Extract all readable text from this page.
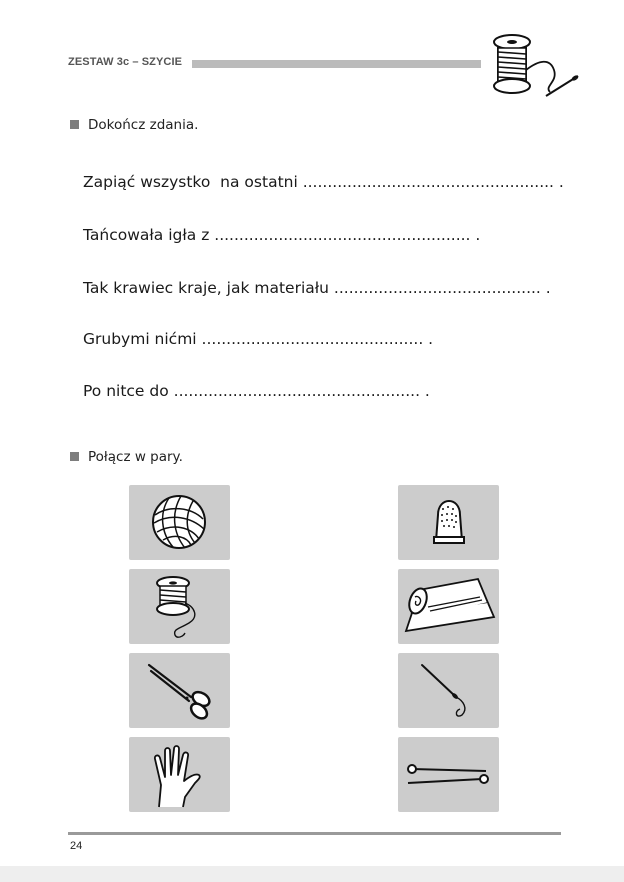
ZESTAW 3c – SZYCIE
Dokończ zdania.
Zapiąć wszystko  na ostatni ................................................... .
Tańcowała igła z .................................................... .
Tak krawiec kraje, jak materiału .......................................... .
Grubymi nićmi ............................................. .
Po nitce do .................................................. .
Połącz w pary.
24
